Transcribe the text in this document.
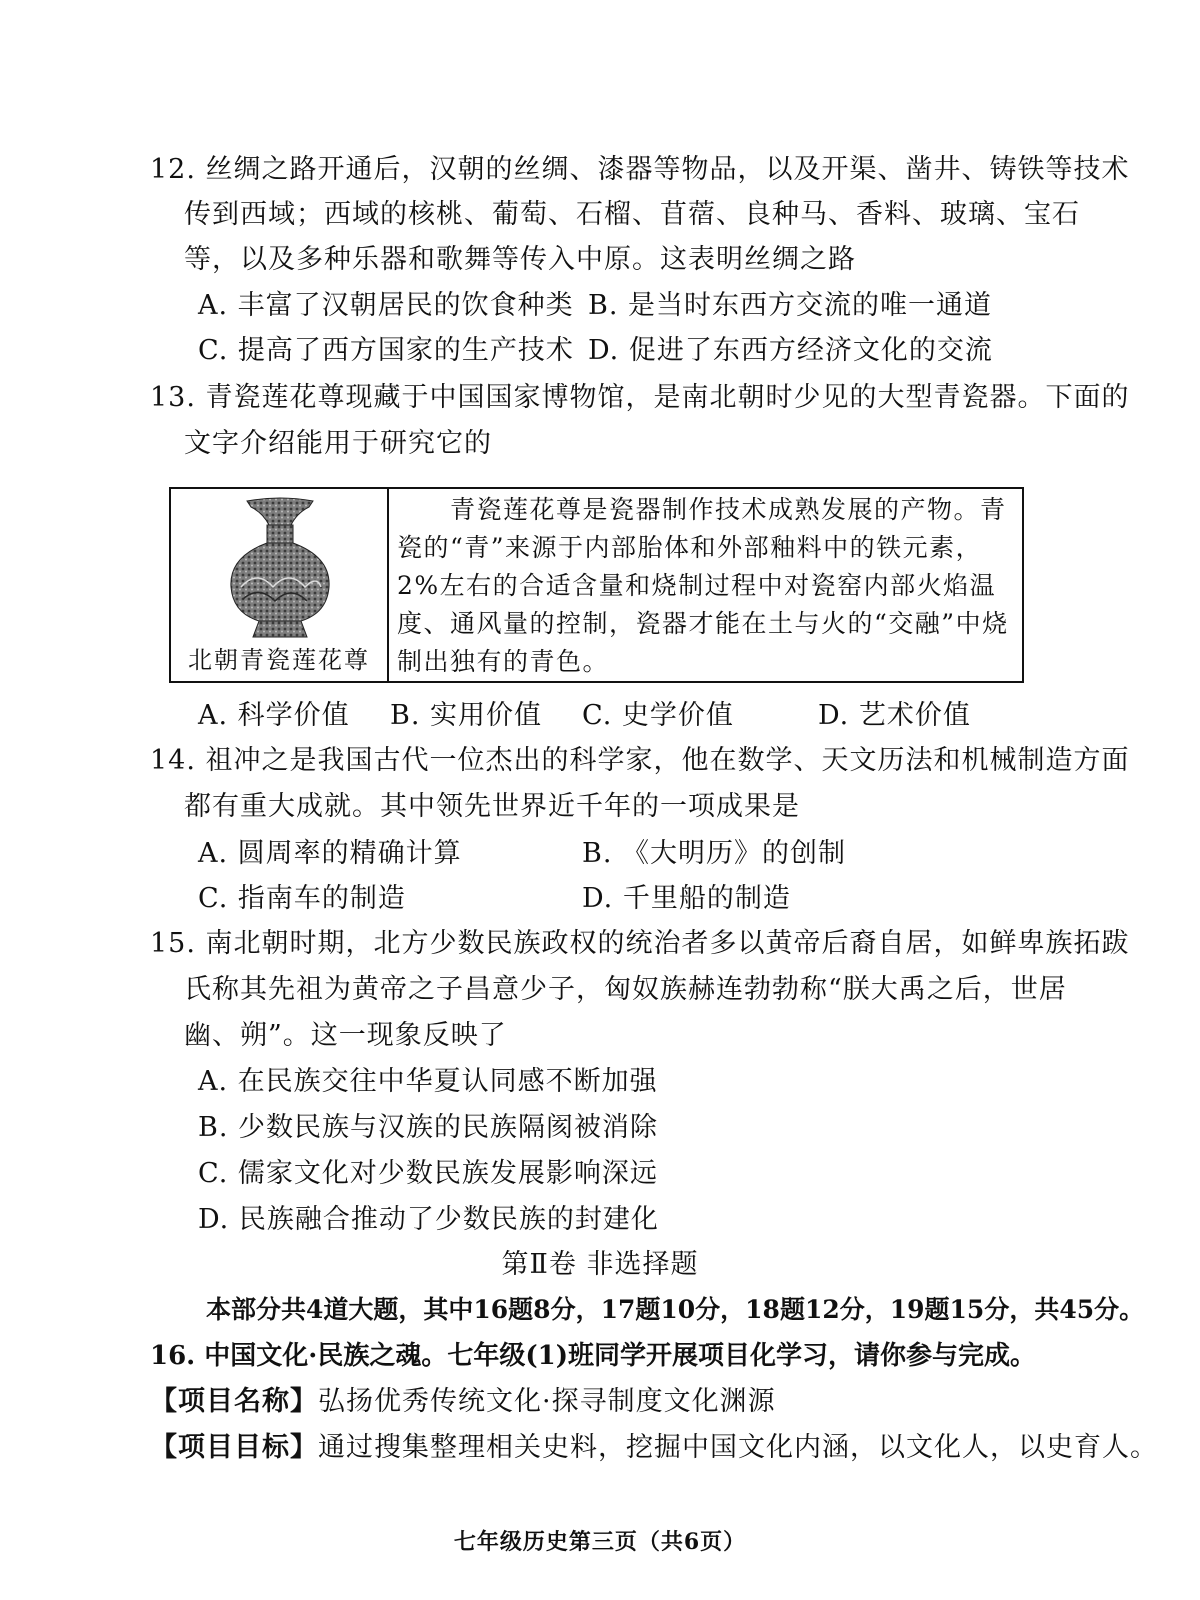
12. 丝绸之路开通后，汉朝的丝绸、漆器等物品，以及开渠、凿井、铸铁等技术
传到西域；西域的核桃、葡萄、石榴、苜蓿、良种马、香料、玻璃、宝石
等，以及多种乐器和歌舞等传入中原。这表明丝绸之路
A. 丰富了汉朝居民的饮食种类 B. 是当时东西方交流的唯一通道
C. 提高了西方国家的生产技术 D. 促进了东西方经济文化的交流
13. 青瓷莲花尊现藏于中国国家博物馆，是南北朝时少见的大型青瓷器。下面的
文字介绍能用于研究它的
北朝青瓷莲花尊
　　青瓷莲花尊是瓷器制作技术成熟发展的产物。青
瓷的“青”来源于内部胎体和外部釉料中的铁元素，
2%左右的合适含量和烧制过程中对瓷窑内部火焰温
度、通风量的控制，瓷器才能在土与火的“交融”中烧
制出独有的青色。
A. 科学价值 B. 实用价值 C. 史学价值	D. 艺术价值
14. 祖冲之是我国古代一位杰出的科学家，他在数学、天文历法和机械制造方面
都有重大成就。其中领先世界近千年的一项成果是
A. 圆周率的精确计算	B. 《大明历》的创制
C. 指南车的制造	D. 千里船的制造
15. 南北朝时期，北方少数民族政权的统治者多以黄帝后裔自居，如鲜卑族拓跋
氏称其先祖为黄帝之子昌意少子，匈奴族赫连勃勃称“朕大禹之后，世居
幽、朔”。这一现象反映了
A. 在民族交往中华夏认同感不断加强
B. 少数民族与汉族的民族隔阂被消除
C. 儒家文化对少数民族发展影响深远
D. 民族融合推动了少数民族的封建化
第Ⅱ卷 非选择题
本部分共4道大题，其中16题8分，17题10分，18题12分，19题15分，共45分。
16. 中国文化·民族之魂。七年级(1)班同学开展项目化学习，请你参与完成。
【项目名称】弘扬优秀传统文化·探寻制度文化渊源
【项目目标】通过搜集整理相关史料，挖掘中国文化内涵，以文化人，以史育人。
七年级历史第三页（共6页）
